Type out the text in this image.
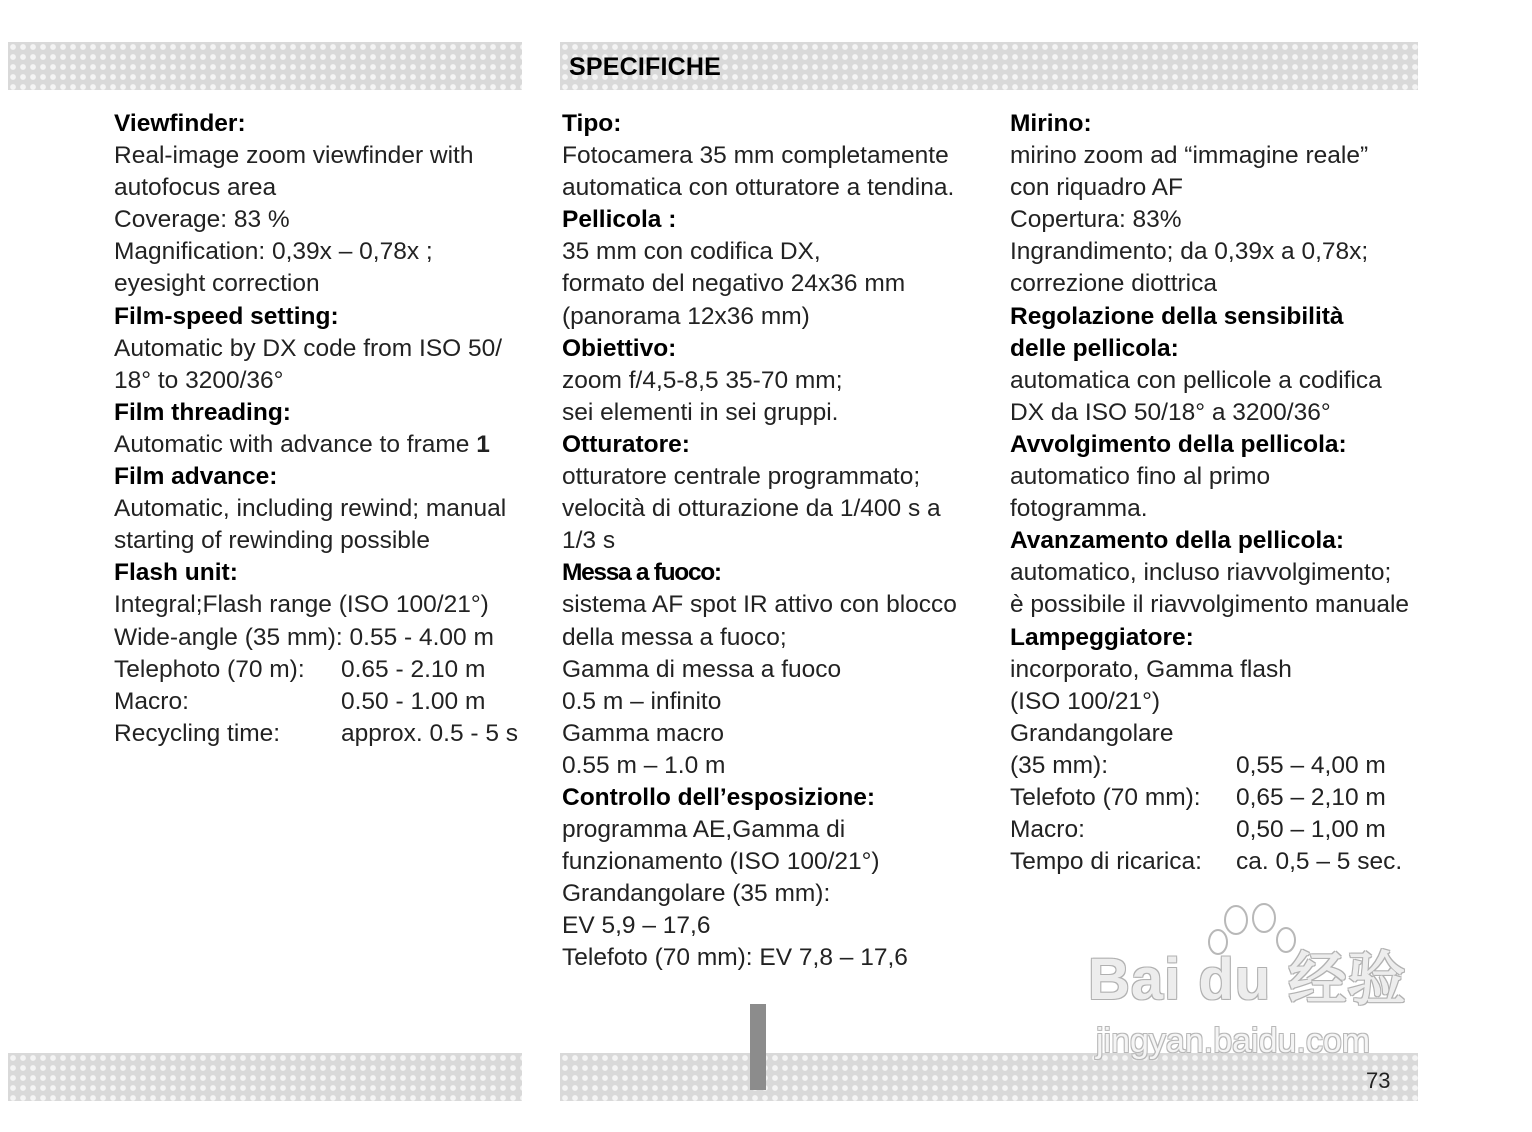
SPECIFICHE
Viewfinder:
Real-image zoom viewfinder with
autofocus area
Coverage: 83 %
Magnification: 0,39x – 0,78x ;
eyesight correction
Film-speed setting:
Automatic by DX code from ISO 50/
18° to 3200/36°
Film threading:
Automatic with advance to frame 1
Film advance:
Automatic, including rewind; manual
starting of rewinding possible
Flash unit:
Integral;Flash range (ISO 100/21°)
Wide-angle (35 mm): 0.55 - 4.00 m
Telephoto (70 m):	0.65 - 2.10 m
Macro:	0.50 - 1.00 m
Recycling time:	approx. 0.5 - 5 s
Tipo:
Fotocamera 35 mm completamente
automatica con otturatore a tendina.
Pellicola :
35 mm con codifica DX,
formato del negativo 24x36 mm
(panorama 12x36 mm)
Obiettivo:
zoom f/4,5-8,5 35-70 mm;
sei elementi in sei gruppi.
Otturatore:
otturatore centrale programmato;
velocità di otturazione da 1/400 s a
1/3 s
Messa a fuoco:
sistema AF spot IR attivo con blocco
della messa a fuoco;
Gamma di messa a fuoco
0.5 m – infinito
Gamma macro
0.55 m – 1.0 m
Controllo dell’esposizione:
programma AE,Gamma di
funzionamento (ISO 100/21°)
Grandangolare (35 mm):
EV 5,9 – 17,6
Telefoto (70 mm): EV 7,8 – 17,6
Mirino:
mirino zoom ad “immagine reale”
con riquadro AF
Copertura: 83%
Ingrandimento; da 0,39x a 0,78x;
correzione diottrica
Regolazione della sensibilità
delle pellicola:
automatica con pellicole a codifica
DX da ISO 50/18° a 3200/36°
Avvolgimento della pellicola:
automatico fino al primo
fotogramma.
Avanzamento della pellicola:
automatico, incluso riavvolgimento;
è possibile il riavvolgimento manuale
Lampeggiatore:
incorporato, Gamma flash
(ISO 100/21°)
Grandangolare
(35 mm):	0,55 – 4,00 m
Telefoto (70 mm):	0,65 – 2,10 m
Macro:	0,50 – 1,00 m
Tempo di ricarica:	ca. 0,5 – 5 sec.
Bai du 经验
jingyan.baidu.com
73
